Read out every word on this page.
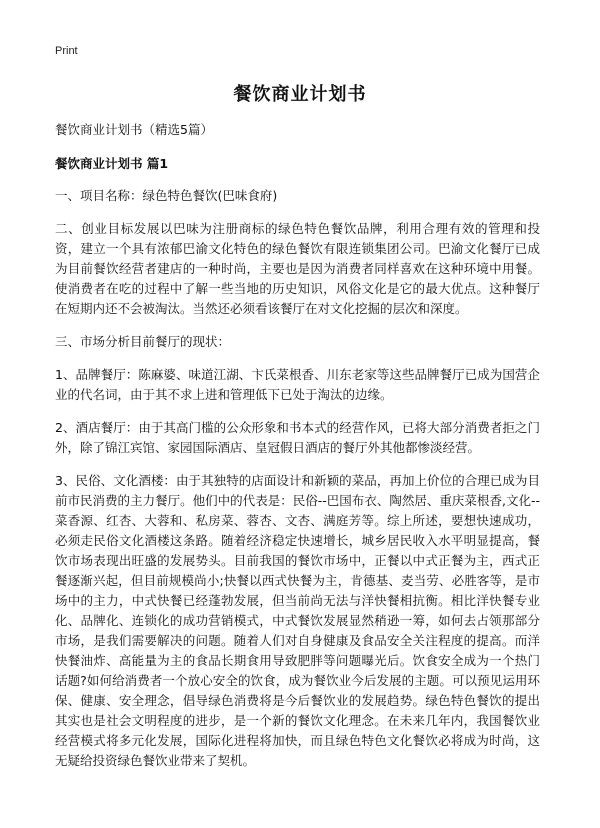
Print
餐饮商业计划书

餐饮商业计划书（精选5篇）

餐饮商业计划书 篇1

一、项目名称：绿色特色餐饮(巴味食府)

二、创业目标发展以巴味为注册商标的绿色特色餐饮品牌，利用合理有效的管理和投资，建立一个具有浓郁巴渝文化特色的绿色餐饮有限连锁集团公司。巴渝文化餐厅已成为目前餐饮经营者建店的一种时尚，主要也是因为消费者同样喜欢在这种环境中用餐。使消费者在吃的过程中了解一些当地的历史知识，风俗文化是它的最大优点。这种餐厅在短期内还不会被淘汰。当然还必须看该餐厅在对文化挖掘的层次和深度。

三、市场分析目前餐厅的现状：

1、品牌餐厅：陈麻婆、味道江湖、卞氏菜根香、川东老家等这些品牌餐厅已成为国营企业的代名词，由于其不求上进和管理低下已处于淘汰的边缘。

2、酒店餐厅：由于其高门槛的公众形象和书本式的经营作风，已将大部分消费者拒之门外，除了锦江宾馆、家园国际酒店、皇冠假日酒店的餐厅外其他都惨淡经营。

3、民俗、文化酒楼：由于其独特的店面设计和新颖的菜品，再加上价位的合理已成为目前市民消费的主力餐厅。他们中的代表是：民俗--巴国布衣、陶然居、重庆菜根香,文化--菜香源、红杏、大蓉和、私房菜、蓉杏、文杏、满庭芳等。综上所述，要想快速成功，必须走民俗文化酒楼这条路。随着经济稳定快速增长，城乡居民收入水平明显提高，餐饮市场表现出旺盛的发展势头。目前我国的餐饮市场中，正餐以中式正餐为主，西式正餐逐渐兴起，但目前规模尚小;快餐以西式快餐为主，肯德基、麦当劳、必胜客等，是市场中的主力，中式快餐已经蓬勃发展，但当前尚无法与洋快餐相抗衡。相比洋快餐专业化、品牌化、连锁化的成功营销模式，中式餐饮发展显然稍逊一筹，如何去占领那部分市场，是我们需要解决的问题。随着人们对自身健康及食品安全关注程度的提高。而洋快餐油炸、高能量为主的食品长期食用导致肥胖等问题曝光后。饮食安全成为一个热门话题?如何给消费者一个放心安全的饮食，成为餐饮业今后发展的主题。可以预见运用环保、健康、安全理念，倡导绿色消费将是今后餐饮业的发展趋势。绿色特色餐饮的提出其实也是社会文明程度的进步，是一个新的餐饮文化理念。在未来几年内，我国餐饮业经营模式将多元化发展，国际化进程将加快，而且绿色特色文化餐饮必将成为时尚，这无疑给投资绿色餐饮业带来了契机。
